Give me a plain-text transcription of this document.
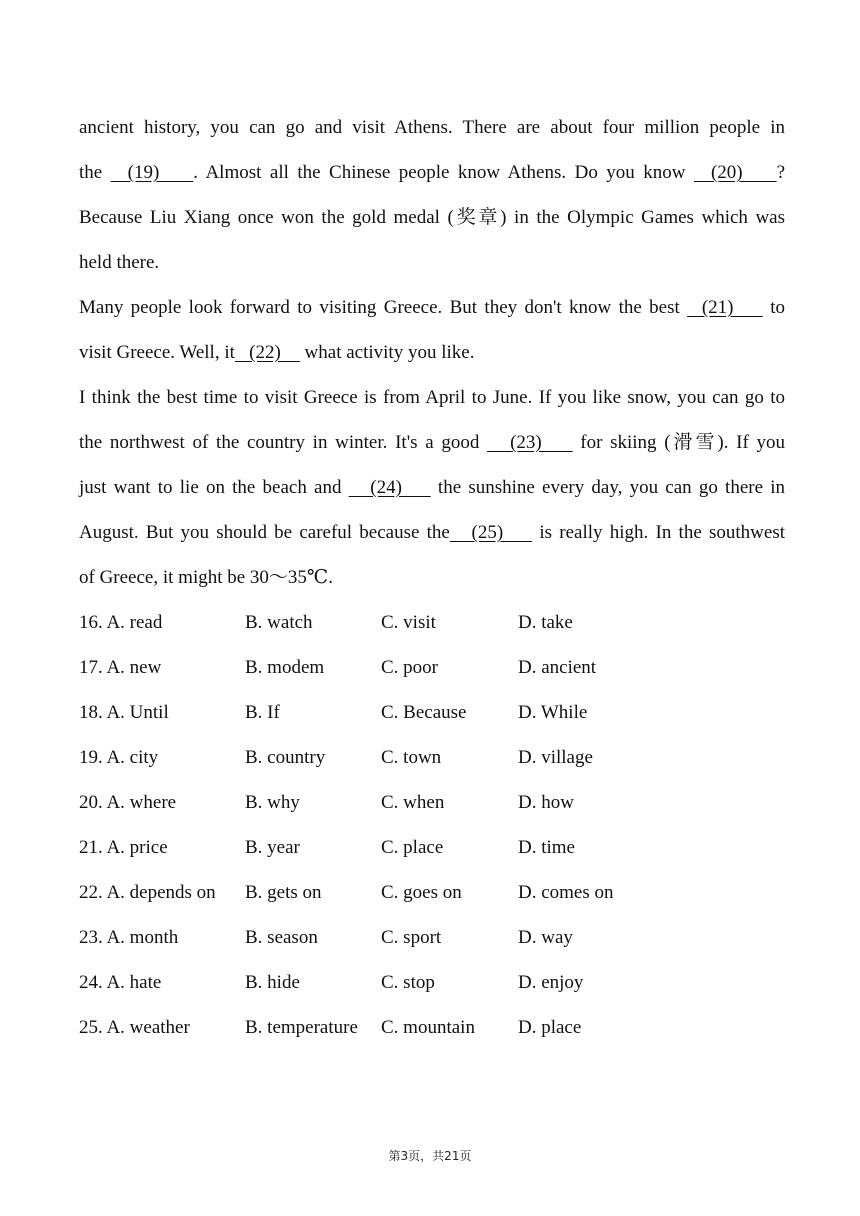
ancient history, you can go and visit Athens. There are about four million people in
the   (19)    . Almost all the Chinese people know Athens. Do you know   (20)    ?
Because Liu Xiang once won the gold medal (奖章) in the Olympic Games which was
held there.
Many people look forward to visiting Greece. But they don't know the best   (21)     to
visit Greece. Well, it   (22)     what activity you like.
I think the best time to visit Greece is from April to June. If you like snow, you can go to
the northwest of the country in winter. It's a good    (23)     for skiing (滑雪). If you
just want to lie on the beach and    (24)     the sunshine every day, you can go there in
August. But you should be careful because the   (25)     is really high. In the southwest
of Greece, it might be 30～35℃.
16. A. read	B. watch	C. visit	D. take
17. A. new	B. modem	C. poor	D. ancient
18. A. Until	B. If	C. Because	D. While
19. A. city	B. country	C. town	D. village
20. A. where	B. why	C. when	D. how
21. A. price	B. year	C. place	D. time
22. A. depends on B. gets on	C. goes on	D. comes on
23. A. month	B. season	C. sport	D. way
24. A. hate	B. hide	C. stop	D. enjoy
25. A. weather	B. temperature C. mountain D. place
第3页，共21页
